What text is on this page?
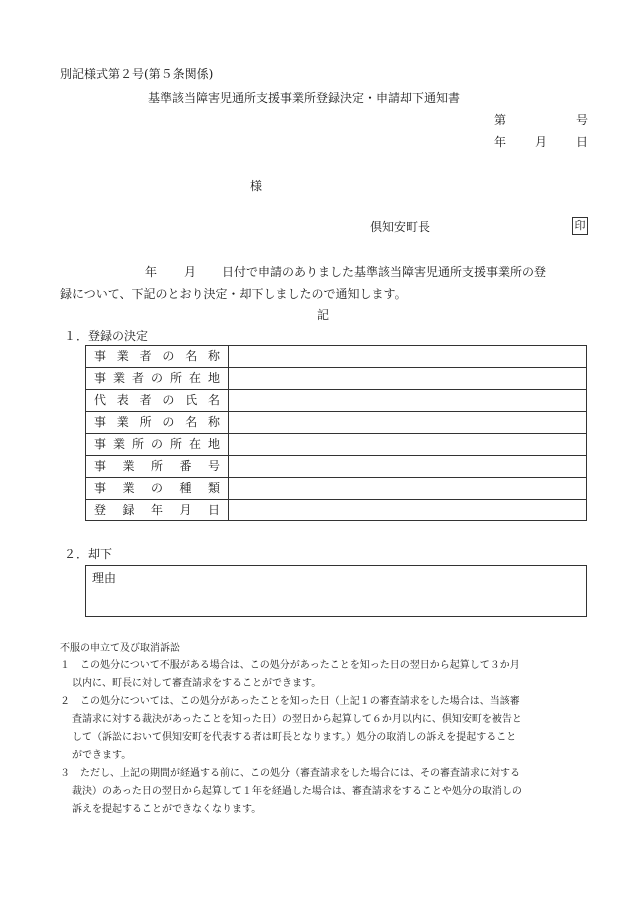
別記様式第２号(第５条関係)
基準該当障害児通所支援事業所登録決定・申請却下通知書
第	号
年 月 日
様
倶知安町長	印
年 月 日付で申請のありました基準該当障害児通所支援事業所の登
録について、下記のとおり決定・却下しましたので通知します。
記
１． 登録の決定
事業者の名称
事業者の所在地
代表者の氏名
事業所の名称
事業所の所在地
事業所番号
事業の種類
登録年月日
２． 却下
理由
不服の申立て及び取消訴訟
１　この処分について不服がある場合は、この処分があったことを知った日の翌日から起算して３か月
以内に、町長に対して審査請求をすることができます。
２　この処分については、この処分があったことを知った日（上記１の審査請求をした場合は、当該審
査請求に対する裁決があったことを知った日）の翌日から起算して６か月以内に、倶知安町を被告と
して（訴訟において倶知安町を代表する者は町長となります。）処分の取消しの訴えを提起すること
ができます。
３　ただし、上記の期間が経過する前に、この処分（審査請求をした場合には、その審査請求に対する
裁決）のあった日の翌日から起算して１年を経過した場合は、審査請求をすることや処分の取消しの
訴えを提起することができなくなります。
